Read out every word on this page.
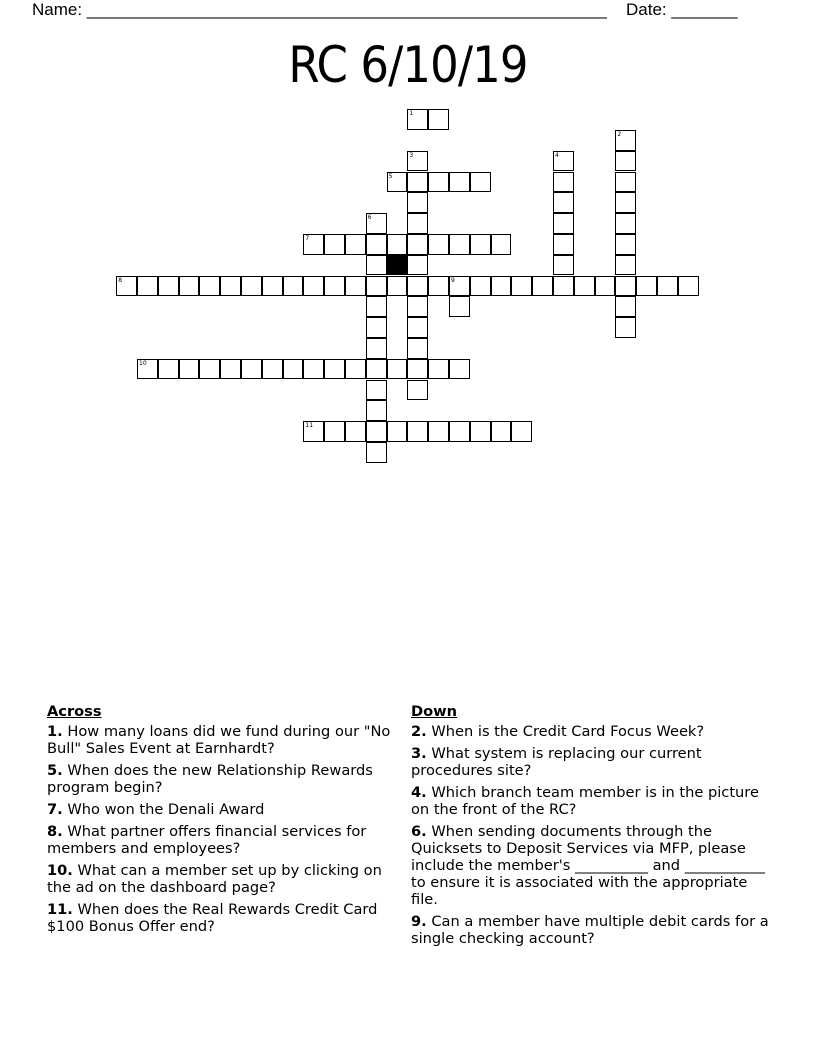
Name: _______________________________________________________ Date: _______
RC 6/10/19
1
2
3	4
5
6
7
8	9
10
11
Across
1. How many loans did we fund during our "No Bull" Sales Event at Earnhardt?
5. When does the new Relationship Rewards program begin?
7. Who won the Denali Award
8. What partner offers financial services for members and employees?
10. What can a member set up by clicking on the ad on the dashboard page?
11. When does the Real Rewards Credit Card $100 Bonus Offer end?
Down
2. When is the Credit Card Focus Week?
3. What system is replacing our current procedures site?
4. Which branch team member is in the picture on the front of the RC?
6. When sending documents through the Quicksets to Deposit Services via MFP, please include the member's __________ and ___________ to ensure it is associated with the appropriate file.
9. Can a member have multiple debit cards for a single checking account?
